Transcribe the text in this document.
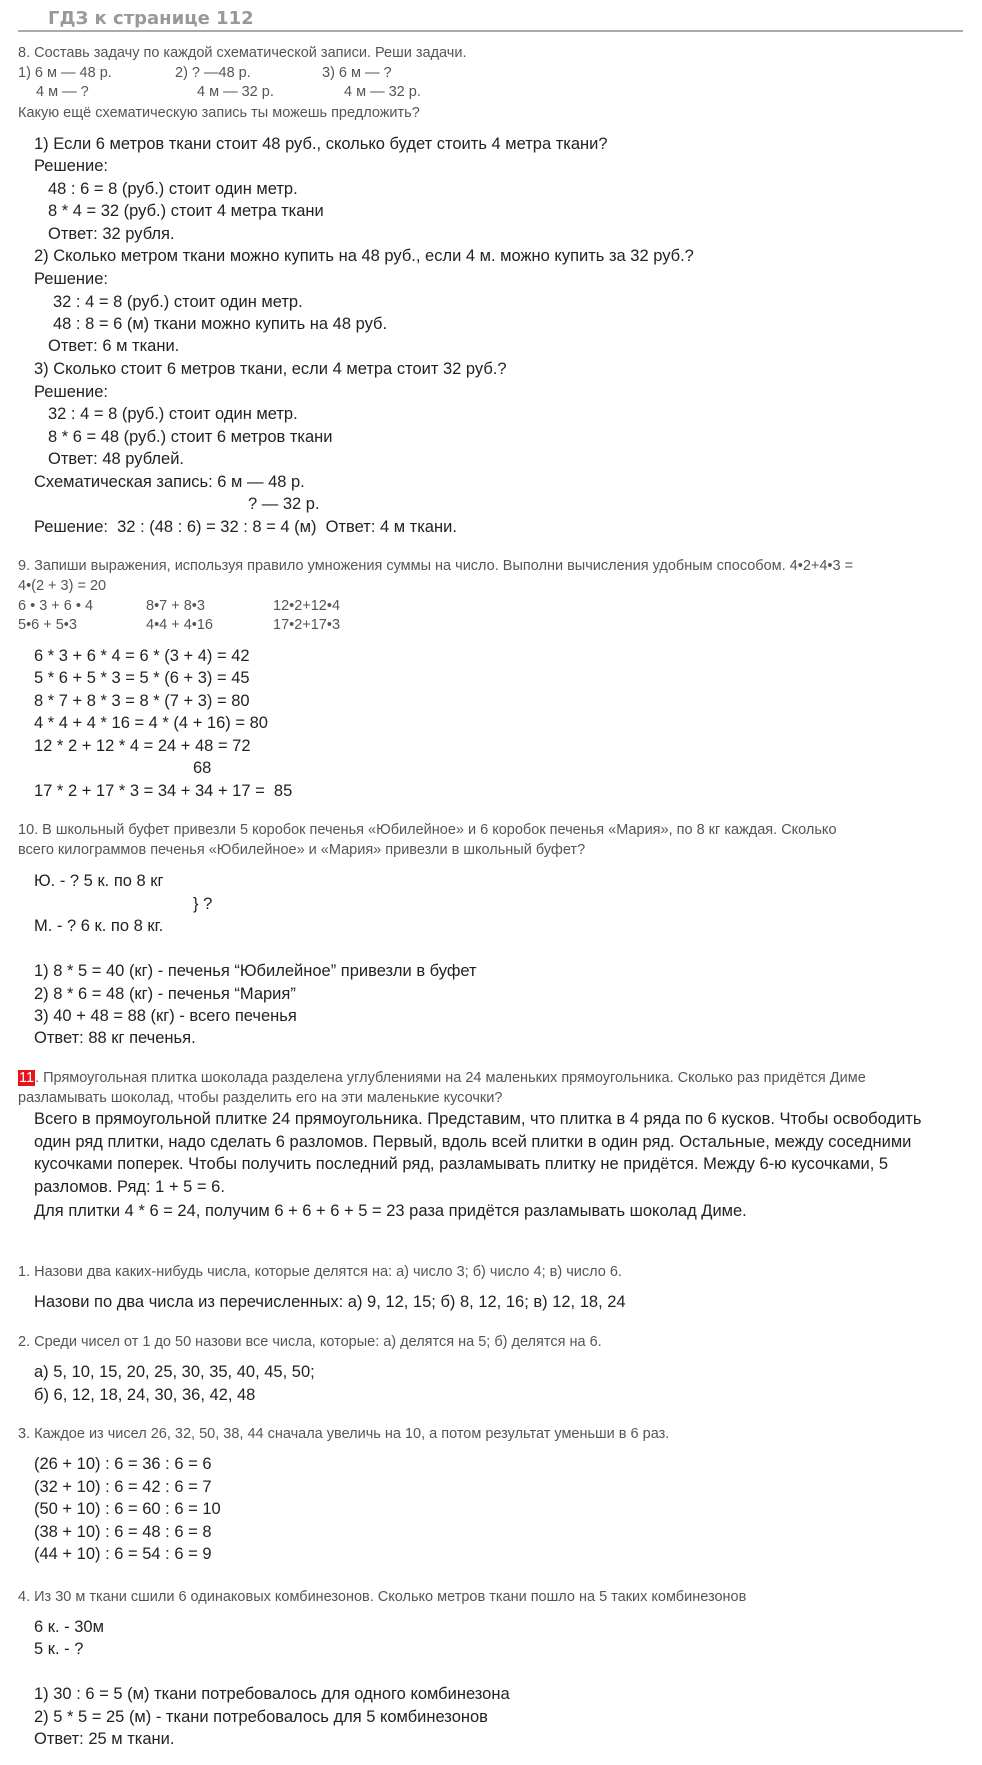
ГДЗ к странице 112
8. Составь задачу по каждой схематической записи. Реши задачи.
1) 6 м — 48 р.	2) ? —48 р.	3) 6 м — ?
4 м — ?	4 м — 32 р.	4 м — 32 р.
Какую ещё схематическую запись ты можешь предложить?
1) Если 6 метров ткани стоит 48 руб., сколько будет стоить 4 метра ткани?
Решение:
48 : 6 = 8 (руб.) стоит один метр.
8 * 4 = 32 (руб.) стоит 4 метра ткани
Ответ: 32 рубля.
2) Сколько метром ткани можно купить на 48 руб., если 4 м. можно купить за 32 руб.?
Решение:
32 : 4 = 8 (руб.) стоит один метр.
48 : 8 = 6 (м) ткани можно купить на 48 руб.
Ответ: 6 м ткани.
3) Сколько стоит 6 метров ткани, если 4 метра стоит 32 руб.?
Решение:
32 : 4 = 8 (руб.) стоит один метр.
8 * 6 = 48 (руб.) стоит 6 метров ткани
Ответ: 48 рублей.
Схематическая запись: 6 м — 48 р.
? — 32 р.
Решение:  32 : (48 : 6) = 32 : 8 = 4 (м)  Ответ: 4 м ткани.
9. Запиши выражения, используя правило умножения суммы на число. Выполни вычисления удобным способом. 4•2+4•3 =
4•(2 + 3) = 20
6 • 3 + 6 • 4	8•7 + 8•3	12•2+12•4
5•6 + 5•3	4•4 + 4•16	17•2+17•3
6 * 3 + 6 * 4 = 6 * (3 + 4) = 42
5 * 6 + 5 * 3 = 5 * (6 + 3) = 45
8 * 7 + 8 * 3 = 8 * (7 + 3) = 80
4 * 4 + 4 * 16 = 4 * (4 + 16) = 80
12 * 2 + 12 * 4 = 24 + 48 = 72
68
17 * 2 + 17 * 3 = 34 + 34 + 17 =  85
10. В школьный буфет привезли 5 коробок печенья «Юбилейное» и 6 коробок печенья «Мария», по 8 кг каждая. Сколько
всего килограммов печенья «Юбилейное» и «Мария» привезли в школьный буфет?
Ю. - ? 5 к. по 8 кг
} ?
М. - ? 6 к. по 8 кг.
1) 8 * 5 = 40 (кг) - печенья “Юбилейное” привезли в буфет
2) 8 * 6 = 48 (кг) - печенья “Мария”
3) 40 + 48 = 88 (кг) - всего печенья
Ответ: 88 кг печенья.
11. Прямоугольная плитка шоколада разделена углублениями на 24 маленьких прямоугольника. Сколько раз придётся Диме разламывать шоколад, чтобы разделить его на эти маленькие кусочки?
Всего в прямоугольной плитке 24 прямоугольника. Представим, что плитка в 4 ряда по 6 кусков. Чтобы освободить один ряд плитки, надо сделать 6 разломов. Первый, вдоль всей плитки в один ряд. Остальные, между соседними кусочками поперек. Чтобы получить последний ряд, разламывать плитку не придётся. Между 6-ю кусочками, 5 разломов. Ряд: 1 + 5 = 6.
Для плитки 4 * 6 = 24, получим 6 + 6 + 6 + 5 = 23 раза придётся разламывать шоколад Диме.
1. Назови два каких-нибудь числа, которые делятся на: а) число 3; б) число 4; в) число 6.
Назови по два числа из перечисленных: а) 9, 12, 15; б) 8, 12, 16; в) 12, 18, 24
2. Среди чисел от 1 до 50 назови все числа, которые: а) делятся на 5; б) делятся на 6.
а) 5, 10, 15, 20, 25, 30, 35, 40, 45, 50;
б) 6, 12, 18, 24, 30, 36, 42, 48
3. Каждое из чисел 26, 32, 50, 38, 44 сначала увеличь на 10, а потом результат уменьши в 6 раз.
(26 + 10) : 6 = 36 : 6 = 6
(32 + 10) : 6 = 42 : 6 = 7
(50 + 10) : 6 = 60 : 6 = 10
(38 + 10) : 6 = 48 : 6 = 8
(44 + 10) : 6 = 54 : 6 = 9
4. Из 30 м ткани сшили 6 одинаковых комбинезонов. Сколько метров ткани пошло на 5 таких комбинезонов
6 к. - 30м
5 к. - ?
1) 30 : 6 = 5 (м) ткани потребовалось для одного комбинезона
2) 5 * 5 = 25 (м) - ткани потребовалось для 5 комбинезонов
Ответ: 25 м ткани.
